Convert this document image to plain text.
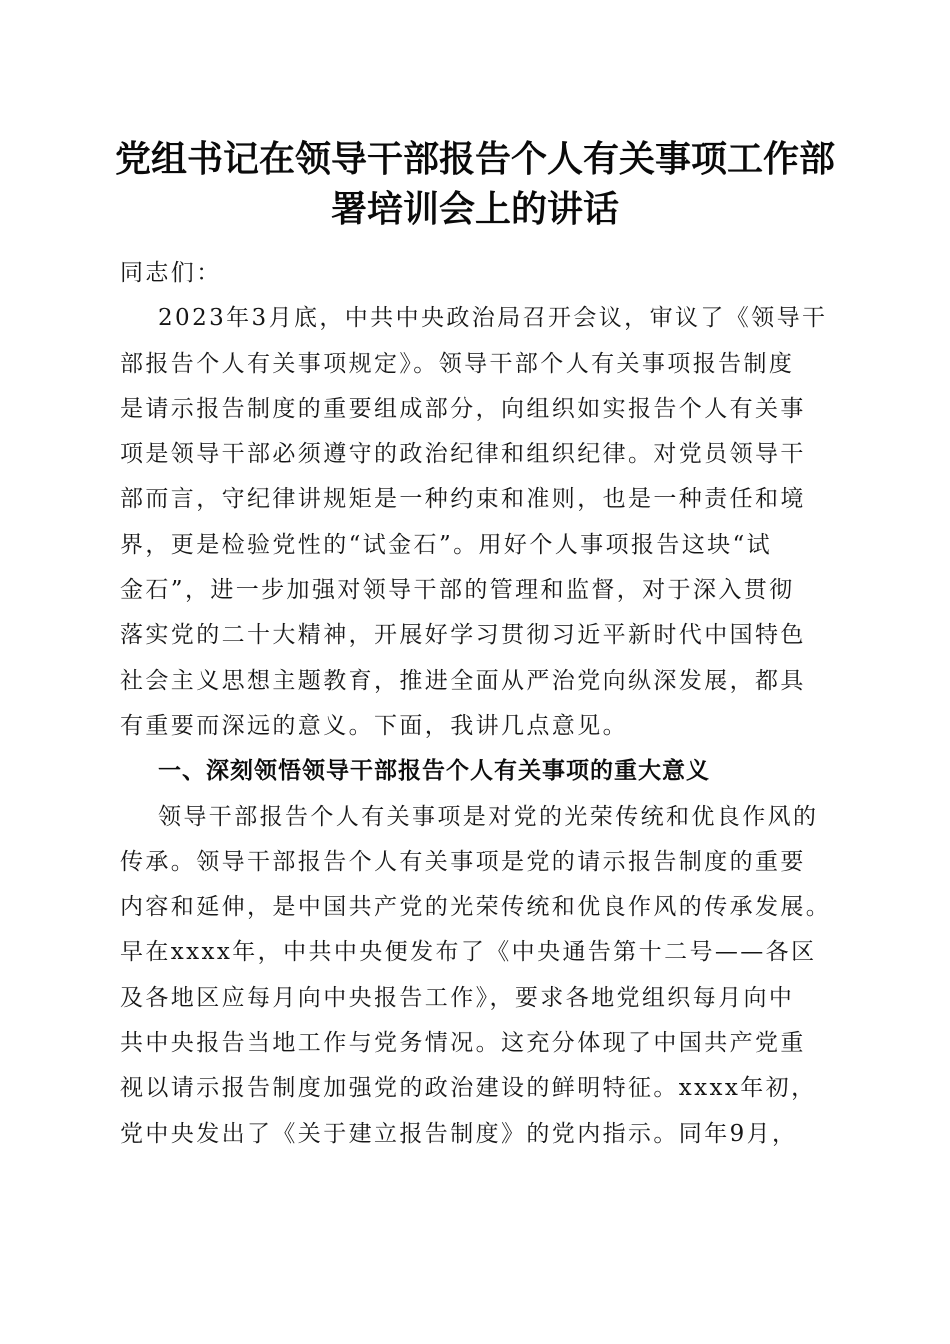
党组书记在领导干部报告个人有关事项工作部
署培训会上的讲话

同志们：

2023年3月底，中共中央政治局召开会议，审议了《领导干

部报告个人有关事项规定》。领导干部个人有关事项报告制度

是请示报告制度的重要组成部分，向组织如实报告个人有关事

项是领导干部必须遵守的政治纪律和组织纪律。对党员领导干

部而言，守纪律讲规矩是一种约束和准则，也是一种责任和境

界，更是检验党性的“试金石”。用好个人事项报告这块“试

金石”，进一步加强对领导干部的管理和监督，对于深入贯彻

落实党的二十大精神，开展好学习贯彻习近平新时代中国特色

社会主义思想主题教育，推进全面从严治党向纵深发展，都具

有重要而深远的意义。下面，我讲几点意见。

一、深刻领悟领导干部报告个人有关事项的重大意义

领导干部报告个人有关事项是对党的光荣传统和优良作风的

传承。领导干部报告个人有关事项是党的请示报告制度的重要

内容和延伸，是中国共产党的光荣传统和优良作风的传承发展。

早在xxxx年，中共中央便发布了《中央通告第十二号——各区

及各地区应每月向中央报告工作》，要求各地党组织每月向中

共中央报告当地工作与党务情况。这充分体现了中国共产党重

视以请示报告制度加强党的政治建设的鲜明特征。xxxx年初，

党中央发出了《关于建立报告制度》的党内指示。同年9月，
